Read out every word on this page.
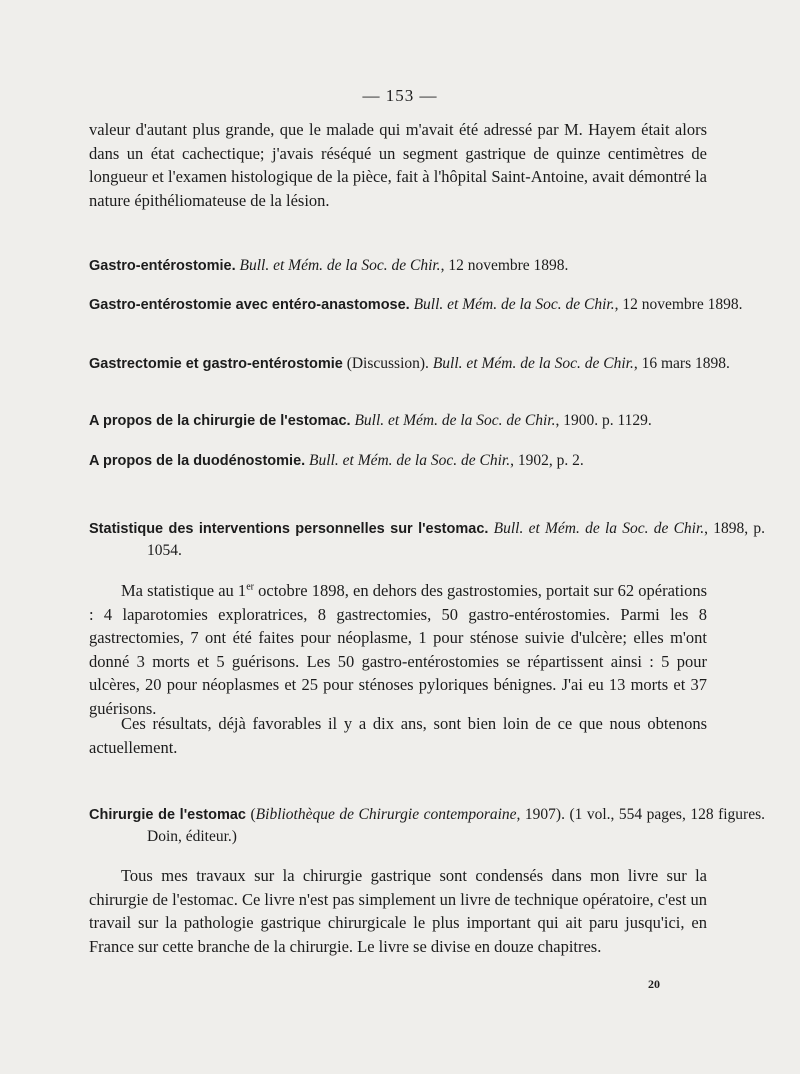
— 153 —
valeur d'autant plus grande, que le malade qui m'avait été adressé par M. Hayem était alors dans un état cachectique; j'avais réséqué un segment gastrique de quinze centimètres de longueur et l'examen histologique de la pièce, fait à l'hôpital Saint-Antoine, avait démontré la nature épithéliomateuse de la lésion.
Gastro-entérostomie. Bull. et Mém. de la Soc. de Chir., 12 novembre 1898.
Gastro-entérostomie avec entéro-anastomose. Bull. et Mém. de la Soc. de Chir., 12 novembre 1898.
Gastrectomie et gastro-entérostomie (Discussion). Bull. et Mém. de la Soc. de Chir., 16 mars 1898.
A propos de la chirurgie de l'estomac. Bull. et Mém. de la Soc. de Chir., 1900. p. 1129.
A propos de la duodénostomie. Bull. et Mém. de la Soc. de Chir., 1902, p. 2.
Statistique des interventions personnelles sur l'estomac. Bull. et Mém. de la Soc. de Chir., 1898, p. 1054.
Ma statistique au 1er octobre 1898, en dehors des gastrostomies, portait sur 62 opérations : 4 laparotomies exploratrices, 8 gastrectomies, 50 gastro-entérostomies. Parmi les 8 gastrectomies, 7 ont été faites pour néoplasme, 1 pour sténose suivie d'ulcère; elles m'ont donné 3 morts et 5 guérisons. Les 50 gastro-entérostomies se répartissent ainsi : 5 pour ulcères, 20 pour néoplasmes et 25 pour sténoses pyloriques bénignes. J'ai eu 13 morts et 37 guérisons.
Ces résultats, déjà favorables il y a dix ans, sont bien loin de ce que nous obtenons actuellement.
Chirurgie de l'estomac (Bibliothèque de Chirurgie contemporaine, 1907). (1 vol., 554 pages, 128 figures. Doin, éditeur.)
Tous mes travaux sur la chirurgie gastrique sont condensés dans mon livre sur la chirurgie de l'estomac. Ce livre n'est pas simplement un livre de technique opératoire, c'est un travail sur la pathologie gastrique chirurgicale le plus important qui ait paru jusqu'ici, en France sur cette branche de la chirurgie. Le livre se divise en douze chapitres.
20
